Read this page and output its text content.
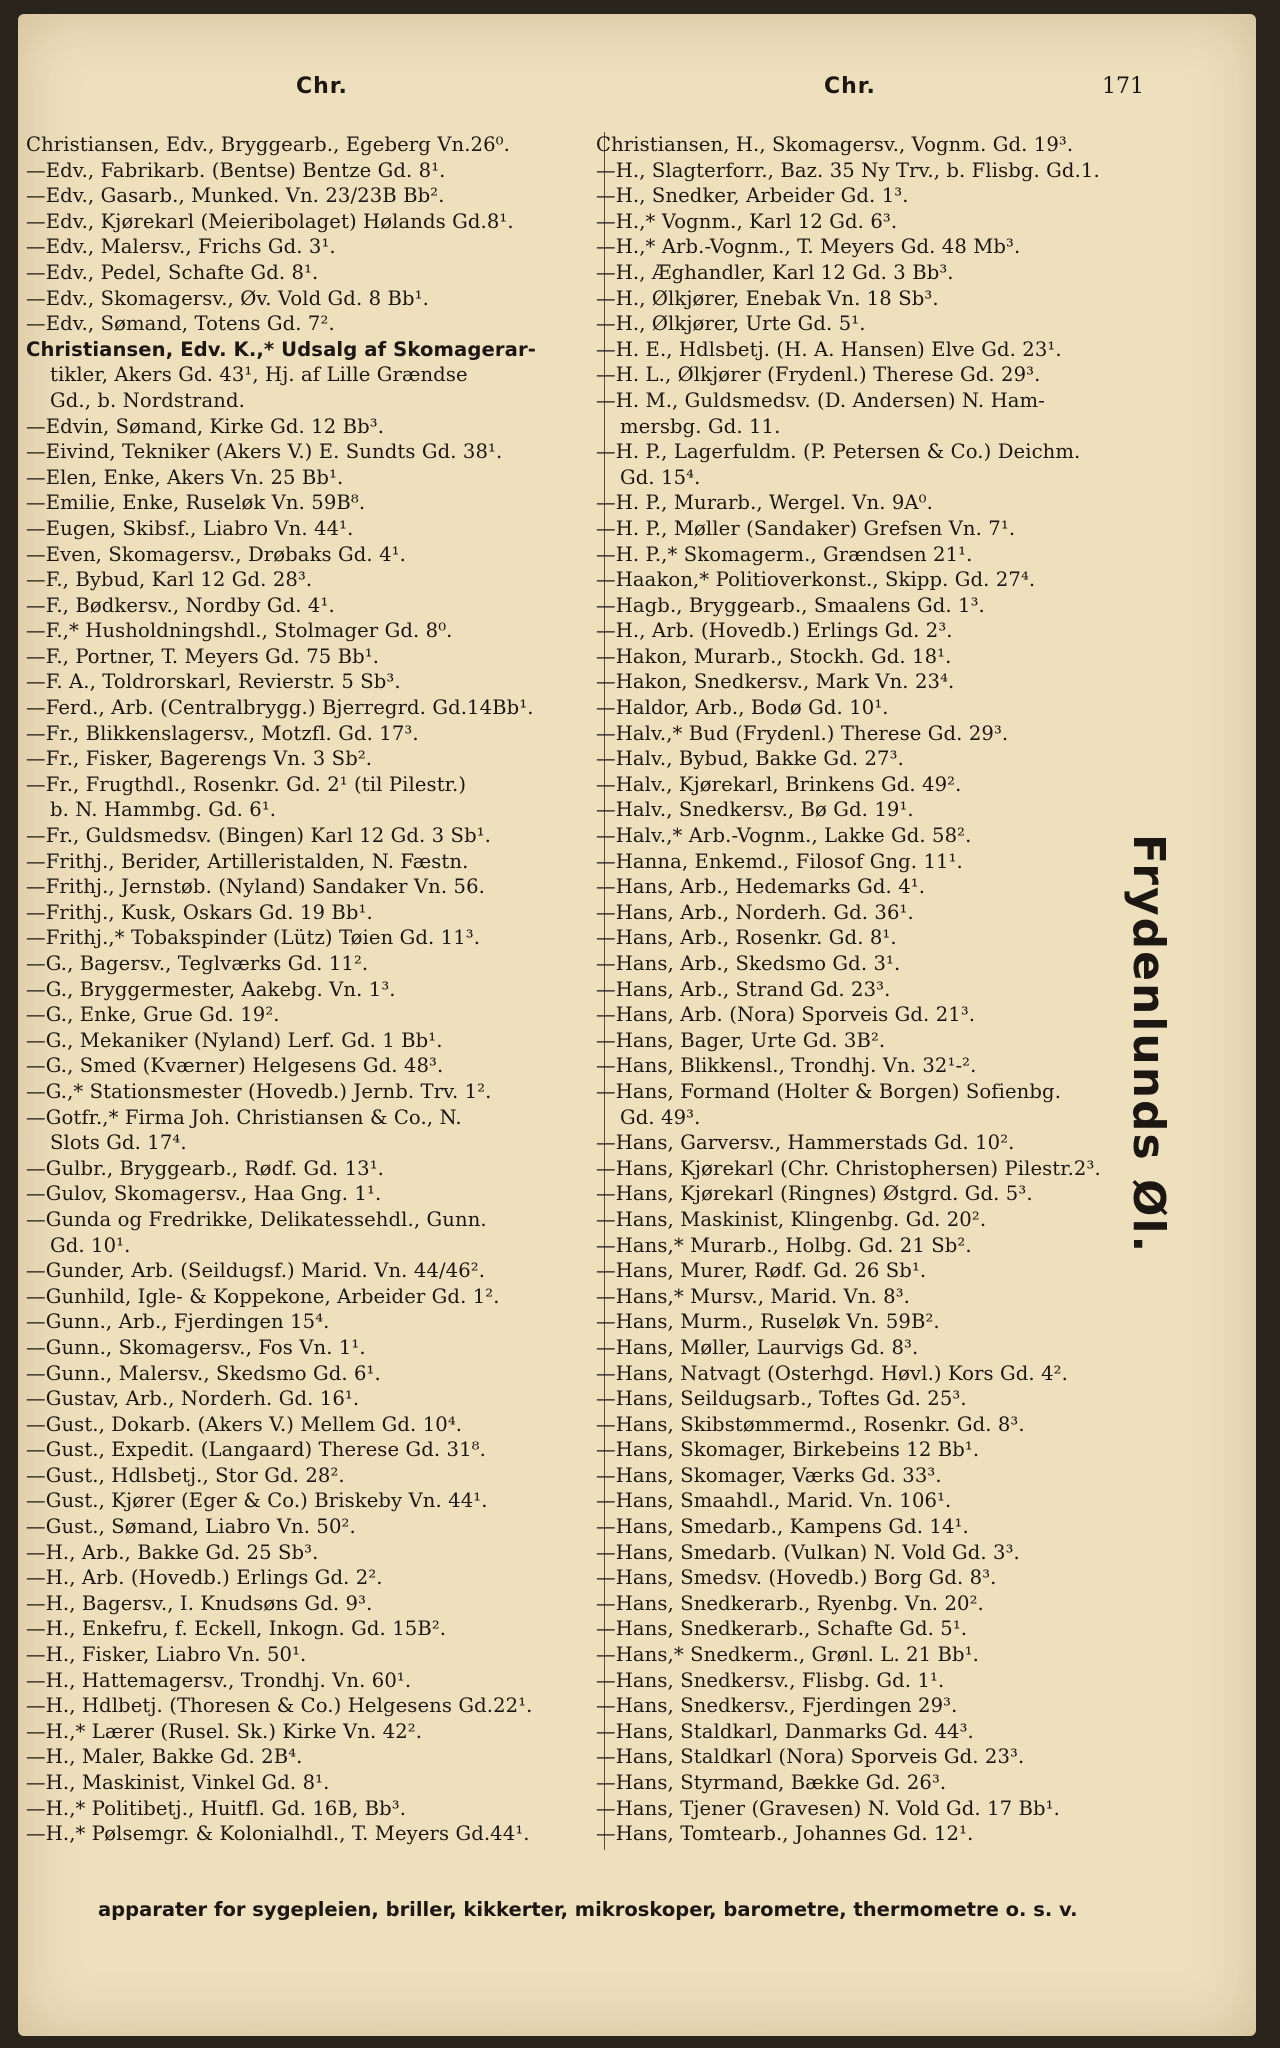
Chr.	Chr.	171
Christiansen, Edv., Bryggearb., Egeberg Vn.26⁰.
—Edv., Fabrikarb. (Bentse) Bentze Gd. 8¹.
—Edv., Gasarb., Munked. Vn. 23/23B Bb².
—Edv., Kjørekarl (Meieribolaget) Hølands Gd.8¹.
—Edv., Malersv., Frichs Gd. 3¹.
—Edv., Pedel, Schafte Gd. 8¹.
—Edv., Skomagersv., Øv. Vold Gd. 8 Bb¹.
—Edv., Sømand, Totens Gd. 7².
Christiansen, Edv. K.,* Udsalg af Skomagerar-
tikler, Akers Gd. 43¹, Hj. af Lille Grændse
Gd., b. Nordstrand.
—Edvin, Sømand, Kirke Gd. 12 Bb³.
—Eivind, Tekniker (Akers V.) E. Sundts Gd. 38¹.
—Elen, Enke, Akers Vn. 25 Bb¹.
—Emilie, Enke, Ruseløk Vn. 59B⁸.
—Eugen, Skibsf., Liabro Vn. 44¹.
—Even, Skomagersv., Drøbaks Gd. 4¹.
—F., Bybud, Karl 12 Gd. 28³.
—F., Bødkersv., Nordby Gd. 4¹.
—F.,* Husholdningshdl., Stolmager Gd. 8⁰.
—F., Portner, T. Meyers Gd. 75 Bb¹.
—F. A., Toldrorskarl, Revierstr. 5 Sb³.
—Ferd., Arb. (Centralbrygg.) Bjerregrd. Gd.14Bb¹.
—Fr., Blikkenslagersv., Motzfl. Gd. 17³.
—Fr., Fisker, Bagerengs Vn. 3 Sb².
—Fr., Frugthdl., Rosenkr. Gd. 2¹ (til Pilestr.)
b. N. Hammbg. Gd. 6¹.
—Fr., Guldsmedsv. (Bingen) Karl 12 Gd. 3 Sb¹.
—Frithj., Berider, Artilleristalden, N. Fæstn.
—Frithj., Jernstøb. (Nyland) Sandaker Vn. 56.
—Frithj., Kusk, Oskars Gd. 19 Bb¹.
—Frithj.,* Tobakspinder (Lütz) Tøien Gd. 11³.
—G., Bagersv., Teglværks Gd. 11².
—G., Bryggermester, Aakebg. Vn. 1³.
—G., Enke, Grue Gd. 19².
—G., Mekaniker (Nyland) Lerf. Gd. 1 Bb¹.
—G., Smed (Kværner) Helgesens Gd. 48³.
—G.,* Stationsmester (Hovedb.) Jernb. Trv. 1².
—Gotfr.,* Firma Joh. Christiansen & Co., N.
Slots Gd. 17⁴.
—Gulbr., Bryggearb., Rødf. Gd. 13¹.
—Gulov, Skomagersv., Haa Gng. 1¹.
—Gunda og Fredrikke, Delikatessehdl., Gunn.
Gd. 10¹.
—Gunder, Arb. (Seildugsf.) Marid. Vn. 44/46².
—Gunhild, Igle- & Koppekone, Arbeider Gd. 1².
—Gunn., Arb., Fjerdingen 15⁴.
—Gunn., Skomagersv., Fos Vn. 1¹.
—Gunn., Malersv., Skedsmo Gd. 6¹.
—Gustav, Arb., Norderh. Gd. 16¹.
—Gust., Dokarb. (Akers V.) Mellem Gd. 10⁴.
—Gust., Expedit. (Langaard) Therese Gd. 31⁸.
—Gust., Hdlsbetj., Stor Gd. 28².
—Gust., Kjører (Eger & Co.) Briskeby Vn. 44¹.
—Gust., Sømand, Liabro Vn. 50².
—H., Arb., Bakke Gd. 25 Sb³.
—H., Arb. (Hovedb.) Erlings Gd. 2².
—H., Bagersv., I. Knudsøns Gd. 9³.
—H., Enkefru, f. Eckell, Inkogn. Gd. 15B².
—H., Fisker, Liabro Vn. 50¹.
—H., Hattemagersv., Trondhj. Vn. 60¹.
—H., Hdlbetj. (Thoresen & Co.) Helgesens Gd.22¹.
—H.,* Lærer (Rusel. Sk.) Kirke Vn. 42².
—H., Maler, Bakke Gd. 2B⁴.
—H., Maskinist, Vinkel Gd. 8¹.
—H.,* Politibetj., Huitfl. Gd. 16B, Bb³.
—H.,* Pølsemgr. & Kolonialhdl., T. Meyers Gd.44¹.
Christiansen, H., Skomagersv., Vognm. Gd. 19³.
—H., Slagterforr., Baz. 35 Ny Trv., b. Flisbg. Gd.1.
—H., Snedker, Arbeider Gd. 1³.
—H.,* Vognm., Karl 12 Gd. 6³.
—H.,* Arb.-Vognm., T. Meyers Gd. 48 Mb³.
—H., Æghandler, Karl 12 Gd. 3 Bb³.
—H., Ølkjører, Enebak Vn. 18 Sb³.
—H., Ølkjører, Urte Gd. 5¹.
—H. E., Hdlsbetj. (H. A. Hansen) Elve Gd. 23¹.
—H. L., Ølkjører (Frydenl.) Therese Gd. 29³.
—H. M., Guldsmedsv. (D. Andersen) N. Ham-
mersbg. Gd. 11.
—H. P., Lagerfuldm. (P. Petersen & Co.) Deichm.
Gd. 15⁴.
—H. P., Murarb., Wergel. Vn. 9A⁰.
—H. P., Møller (Sandaker) Grefsen Vn. 7¹.
—H. P.,* Skomagerm., Grændsen 21¹.
—Haakon,* Politioverkonst., Skipp. Gd. 27⁴.
—Hagb., Bryggearb., Smaalens Gd. 1³.
—H., Arb. (Hovedb.) Erlings Gd. 2³.
—Hakon, Murarb., Stockh. Gd. 18¹.
—Hakon, Snedkersv., Mark Vn. 23⁴.
—Haldor, Arb., Bodø Gd. 10¹.
—Halv.,* Bud (Frydenl.) Therese Gd. 29³.
—Halv., Bybud, Bakke Gd. 27³.
—Halv., Kjørekarl, Brinkens Gd. 49².
—Halv., Snedkersv., Bø Gd. 19¹.
—Halv.,* Arb.-Vognm., Lakke Gd. 58².
—Hanna, Enkemd., Filosof Gng. 11¹.
—Hans, Arb., Hedemarks Gd. 4¹.
—Hans, Arb., Norderh. Gd. 36¹.
—Hans, Arb., Rosenkr. Gd. 8¹.
—Hans, Arb., Skedsmo Gd. 3¹.
—Hans, Arb., Strand Gd. 23³.
—Hans, Arb. (Nora) Sporveis Gd. 21³.
—Hans, Bager, Urte Gd. 3B².
—Hans, Blikkensl., Trondhj. Vn. 32¹-².
—Hans, Formand (Holter & Borgen) Sofienbg.
Gd. 49³.
—Hans, Garversv., Hammerstads Gd. 10².
—Hans, Kjørekarl (Chr. Christophersen) Pilestr.2³.
—Hans, Kjørekarl (Ringnes) Østgrd. Gd. 5³.
—Hans, Maskinist, Klingenbg. Gd. 20².
—Hans,* Murarb., Holbg. Gd. 21 Sb².
—Hans, Murer, Rødf. Gd. 26 Sb¹.
—Hans,* Mursv., Marid. Vn. 8³.
—Hans, Murm., Ruseløk Vn. 59B².
—Hans, Møller, Laurvigs Gd. 8³.
—Hans, Natvagt (Osterhgd. Høvl.) Kors Gd. 4².
—Hans, Seildugsarb., Toftes Gd. 25³.
—Hans, Skibstømmermd., Rosenkr. Gd. 8³.
—Hans, Skomager, Birkebeins 12 Bb¹.
—Hans, Skomager, Værks Gd. 33³.
—Hans, Smaahdl., Marid. Vn. 106¹.
—Hans, Smedarb., Kampens Gd. 14¹.
—Hans, Smedarb. (Vulkan) N. Vold Gd. 3³.
—Hans, Smedsv. (Hovedb.) Borg Gd. 8³.
—Hans, Snedkerarb., Ryenbg. Vn. 20².
—Hans, Snedkerarb., Schafte Gd. 5¹.
—Hans,* Snedkerm., Grønl. L. 21 Bb¹.
—Hans, Snedkersv., Flisbg. Gd. 1¹.
—Hans, Snedkersv., Fjerdingen 29³.
—Hans, Staldkarl, Danmarks Gd. 44³.
—Hans, Staldkarl (Nora) Sporveis Gd. 23³.
—Hans, Styrmand, Bække Gd. 26³.
—Hans, Tjener (Gravesen) N. Vold Gd. 17 Bb¹.
—Hans, Tomtearb., Johannes Gd. 12¹.
Frydenlunds Øl.
apparater for sygepleien, briller, kikkerter, mikroskoper, barometre, thermometre o. s. v.
